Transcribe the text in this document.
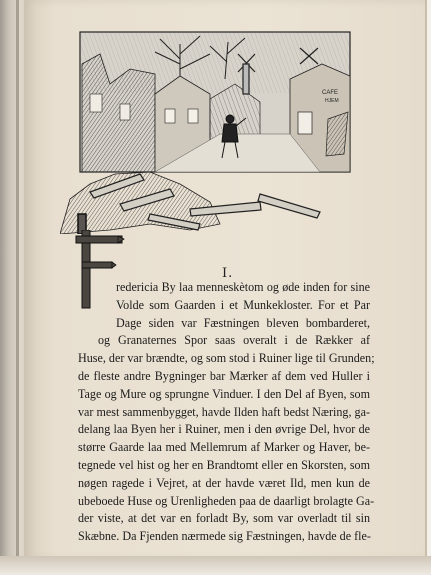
CAFE
HJEM
I.
redericia By laa menneskètom og øde inden for sine
Volde som Gaarden i et Munkekloster. For et Par
Dage siden var Fæstningen bleven bombarderet,
og Granaternes Spor saas overalt i de Rækker af
Huse, der var brændte, og som stod i Ruiner lige til Grunden;
de fleste andre Bygninger bar Mærker af dem ved Huller i
Tage og Mure og sprungne Vinduer. I den Del af Byen, som
var mest sammenbygget, havde Ilden haft bedst Næring, ga-
delang laa Byen her i Ruiner, men i den øvrige Del, hvor de
større Gaarde laa med Mellemrum af Marker og Haver, be-
tegnede vel hist og her en Brandtomt eller en Skorsten, som
nøgen ragede i Vejret, at der havde været Ild, men kun de
ubeboede Huse og Urenligheden paa de daarligt brolagte Ga-
der viste, at det var en forladt By, som var overladt til sin
Skæbne. Da Fjenden nærmede sig Fæstningen, havde de fle-
